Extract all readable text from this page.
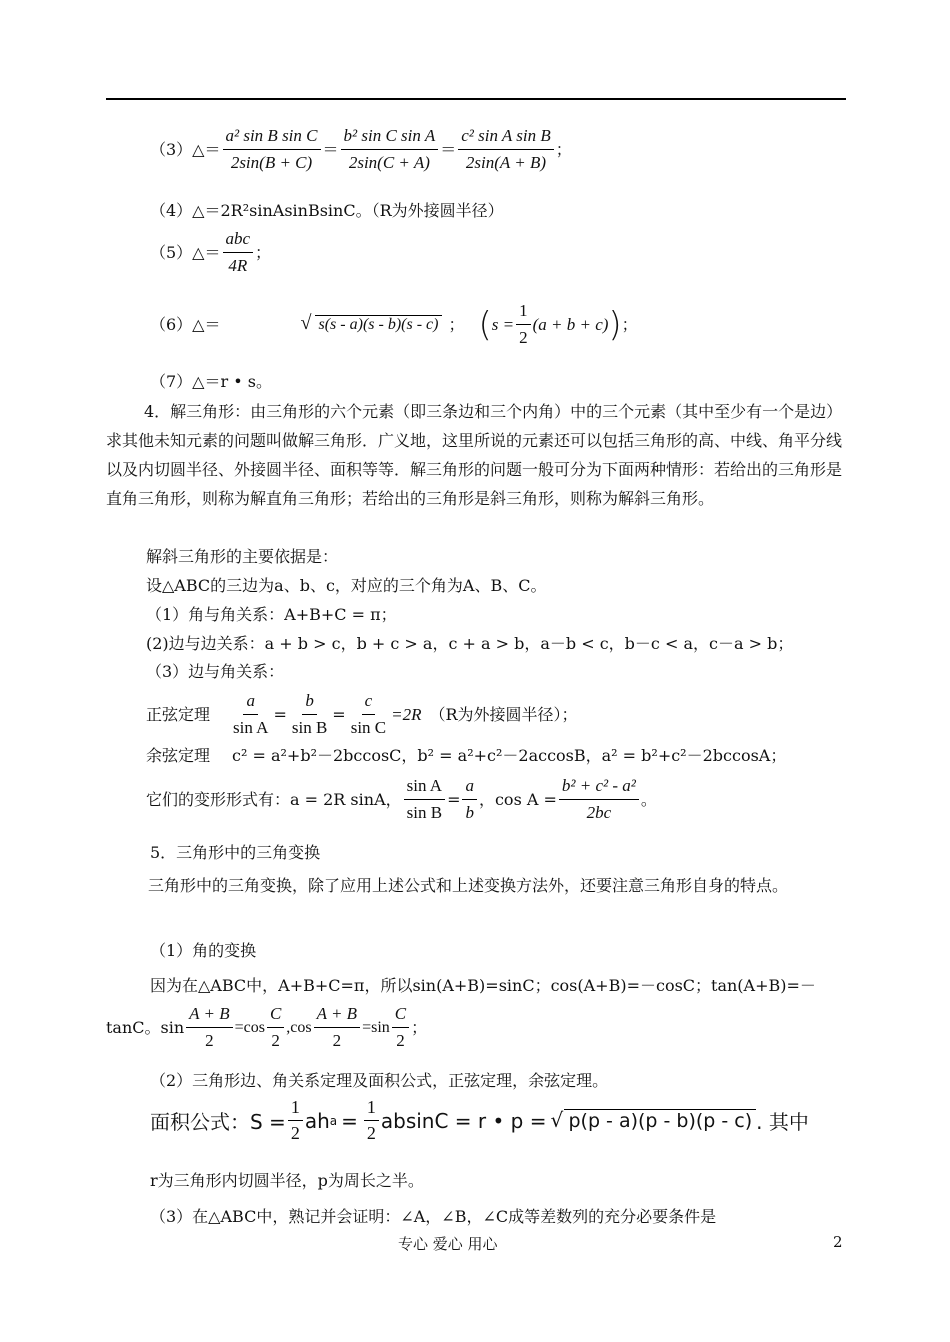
（3）△＝ $\frac{\text{a² sin B sin C}}{2\sin(B + C)} = \frac{\text{b² sin C sin A}}{2\sin(C + A)} = \frac{\text{c² sin A sin B}}{2\sin(A + B)}$ ；
（4）△＝2R²sinAsinBsinC。（R为外接圆半径）
（5）△＝ $\frac{\text{abc}}{4R}$ ；
（6）△＝	√ s(s - a)(s - b)(s - c) ； ( $s = \frac{1}{2} (a + b + c)$ ) ；
（7）△＝r • s。
4．解三角形：由三角形的六个元素（即三条边和三个内角）中的三个元素（其中至少有一个是边）求其他未知元素的问题叫做解三角形．广义地，这里所说的元素还可以包括三角形的高、中线、角平分线以及内切圆半径、外接圆半径、面积等等．解三角形的问题一般可分为下面两种情形：若给出的三角形是直角三角形，则称为解直角三角形；若给出的三角形是斜三角形，则称为解斜三角形。
解斜三角形的主要依据是：
设△ABC的三边为a、b、c，对应的三个角为A、B、C。
（1）角与角关系：A+B+C = π；
(2)边与边关系：a + b > c，b + c > a，c + a > b，a－b < c，b－c < a，c－a > b；
（3）边与角关系：
正弦定理 $\frac{a}{\text{sin A}} = \frac{b}{\text{sin B}} = \frac{c}{\text{sin C}} =2R$ （R为外接圆半径）；
余弦定理 c² = a²+b²－2bccosC，b² = a²+c²－2accosB，a² = b²+c²－2bccosA；
它们的变形形式有：a = 2R sinA， $\frac{\text{sin A}}{\text{sin B}} = \frac{a}{b}$ ，$\cos A = \frac{\text{b² + c² - a²}}{2bc}$ 。
5．三角形中的三角变换
三角形中的三角变换，除了应用上述公式和上述变换方法外，还要注意三角形自身的特点。
（1）角的变换
因为在△ABC中，A+B+C=π，所以sin(A+B)=sinC；cos(A+B)=－cosC；tan(A+B)=－
tanC。$\sin \frac{A + B}{2} =\cos \frac{C}{2} ,\cos \frac{A + B}{2} =\sin \frac{C}{2}$ ；
（2）三角形边、角关系定理及面积公式，正弦定理，余弦定理。
面积公式：$S = \frac{1}{2}$ ah $a = \frac{1}{2}$ absinC = r • p =	√ p(p - a)(p - b)(p - c) . 其中
r为三角形内切圆半径，p为周长之半。
（3）在△ABC中，熟记并会证明：∠A，∠B，∠C成等差数列的充分必要条件是
专心 爱心 用心	2
